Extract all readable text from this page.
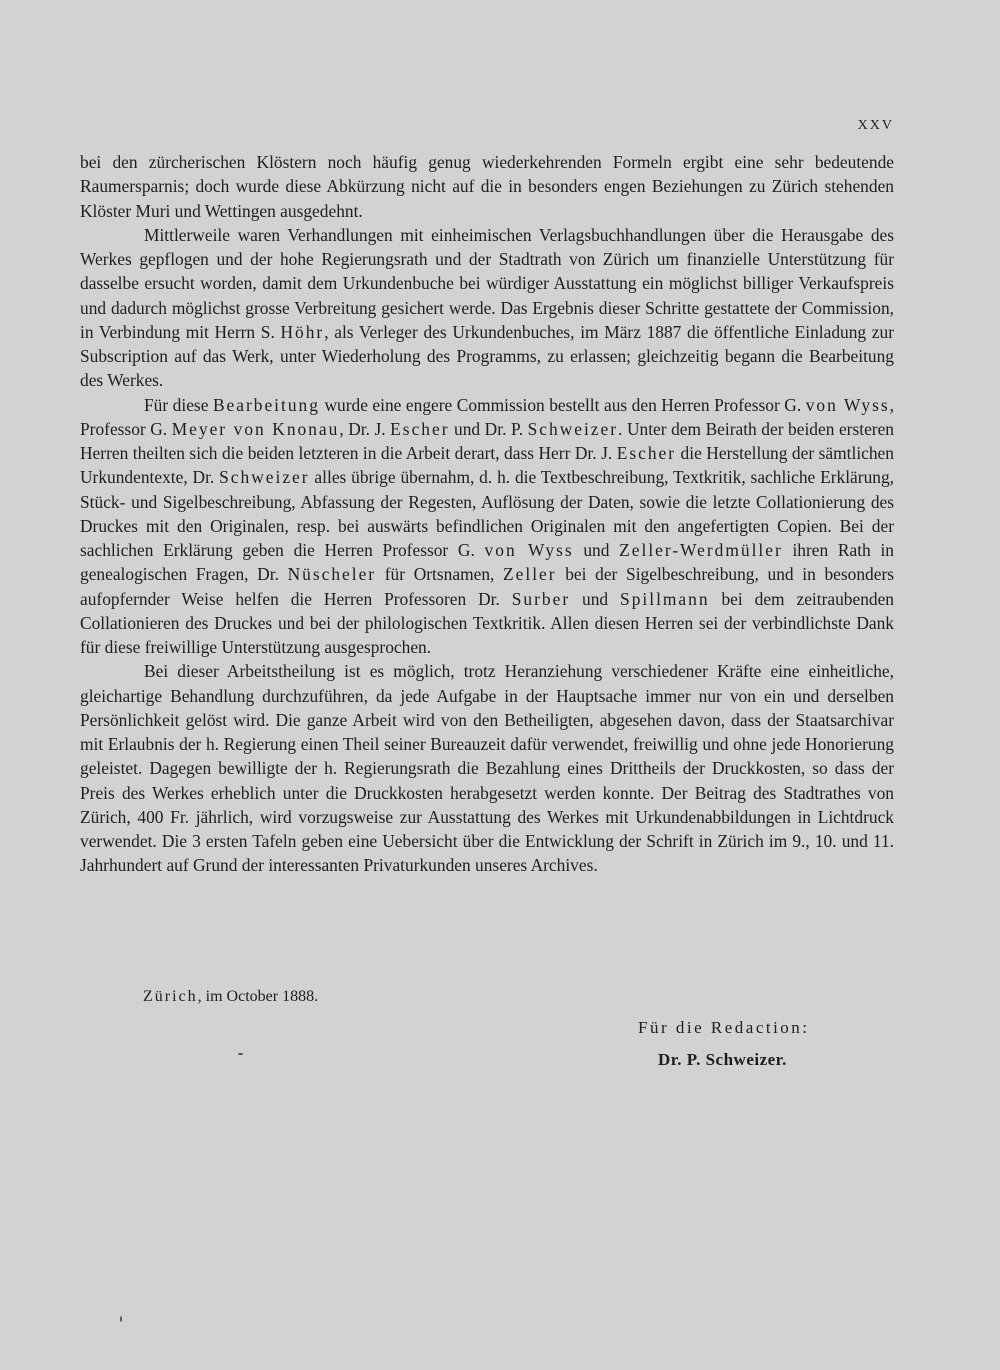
XXV

bei den zürcherischen Klöstern noch häufig genug wiederkehrenden Formeln ergibt eine sehr bedeutende Raumersparnis; doch wurde diese Abkürzung nicht auf die in besonders engen Beziehungen zu Zürich stehenden Klöster Muri und Wettingen ausgedehnt.

Mittlerweile waren Verhandlungen mit einheimischen Verlagsbuchhandlungen über die Herausgabe des Werkes gepflogen und der hohe Regierungsrath und der Stadtrath von Zürich um finanzielle Unterstützung für dasselbe ersucht worden, damit dem Urkundenbuche bei würdiger Ausstattung ein möglichst billiger Verkaufspreis und dadurch möglichst grosse Verbreitung gesichert werde. Das Ergebnis dieser Schritte gestattete der Commission, in Verbindung mit Herrn S. Höhr, als Verleger des Urkundenbuches, im März 1887 die öffentliche Einladung zur Subscription auf das Werk, unter Wiederholung des Programms, zu erlassen; gleichzeitig begann die Bearbeitung des Werkes.

Für diese Bearbeitung wurde eine engere Commission bestellt aus den Herren Professor G. von Wyss, Professor G. Meyer von Knonau, Dr. J. Escher und Dr. P. Schweizer. Unter dem Beirath der beiden ersteren Herren theilten sich die beiden letzteren in die Arbeit derart, dass Herr Dr. J. Escher die Herstellung der sämtlichen Urkundentexte, Dr. Schweizer alles übrige übernahm, d. h. die Textbeschreibung, Textkritik, sachliche Erklärung, Stück- und Sigelbeschreibung, Abfassung der Regesten, Auflösung der Daten, sowie die letzte Collationierung des Druckes mit den Originalen, resp. bei auswärts befindlichen Originalen mit den angefertigten Copien. Bei der sachlichen Erklärung geben die Herren Professor G. von Wyss und Zeller-Werdmüller ihren Rath in genealogischen Fragen, Dr. Nüscheler für Ortsnamen, Zeller bei der Sigelbeschreibung, und in besonders aufopfernder Weise helfen die Herren Professoren Dr. Surber und Spillmann bei dem zeitraubenden Collationieren des Druckes und bei der philologischen Textkritik. Allen diesen Herren sei der verbindlichste Dank für diese freiwillige Unterstützung ausgesprochen.

Bei dieser Arbeitstheilung ist es möglich, trotz Heranziehung verschiedener Kräfte eine einheitliche, gleichartige Behandlung durchzuführen, da jede Aufgabe in der Hauptsache immer nur von ein und derselben Persönlichkeit gelöst wird. Die ganze Arbeit wird von den Betheiligten, abgesehen davon, dass der Staatsarchivar mit Erlaubnis der h. Regierung einen Theil seiner Bureauzeit dafür verwendet, freiwillig und ohne jede Honorierung geleistet. Dagegen bewilligte der h. Regierungsrath die Bezahlung eines Drittheils der Druckkosten, so dass der Preis des Werkes erheblich unter die Druckkosten herabgesetzt werden konnte. Der Beitrag des Stadtrathes von Zürich, 400 Fr. jährlich, wird vorzugsweise zur Ausstattung des Werkes mit Urkundenabbildungen in Lichtdruck verwendet. Die 3 ersten Tafeln geben eine Uebersicht über die Entwicklung der Schrift in Zürich im 9., 10. und 11. Jahrhundert auf Grund der interessanten Privaturkunden unseres Archives.

Zürich, im October 1888.
Für die Redaction:
Dr. P. Schweizer.
